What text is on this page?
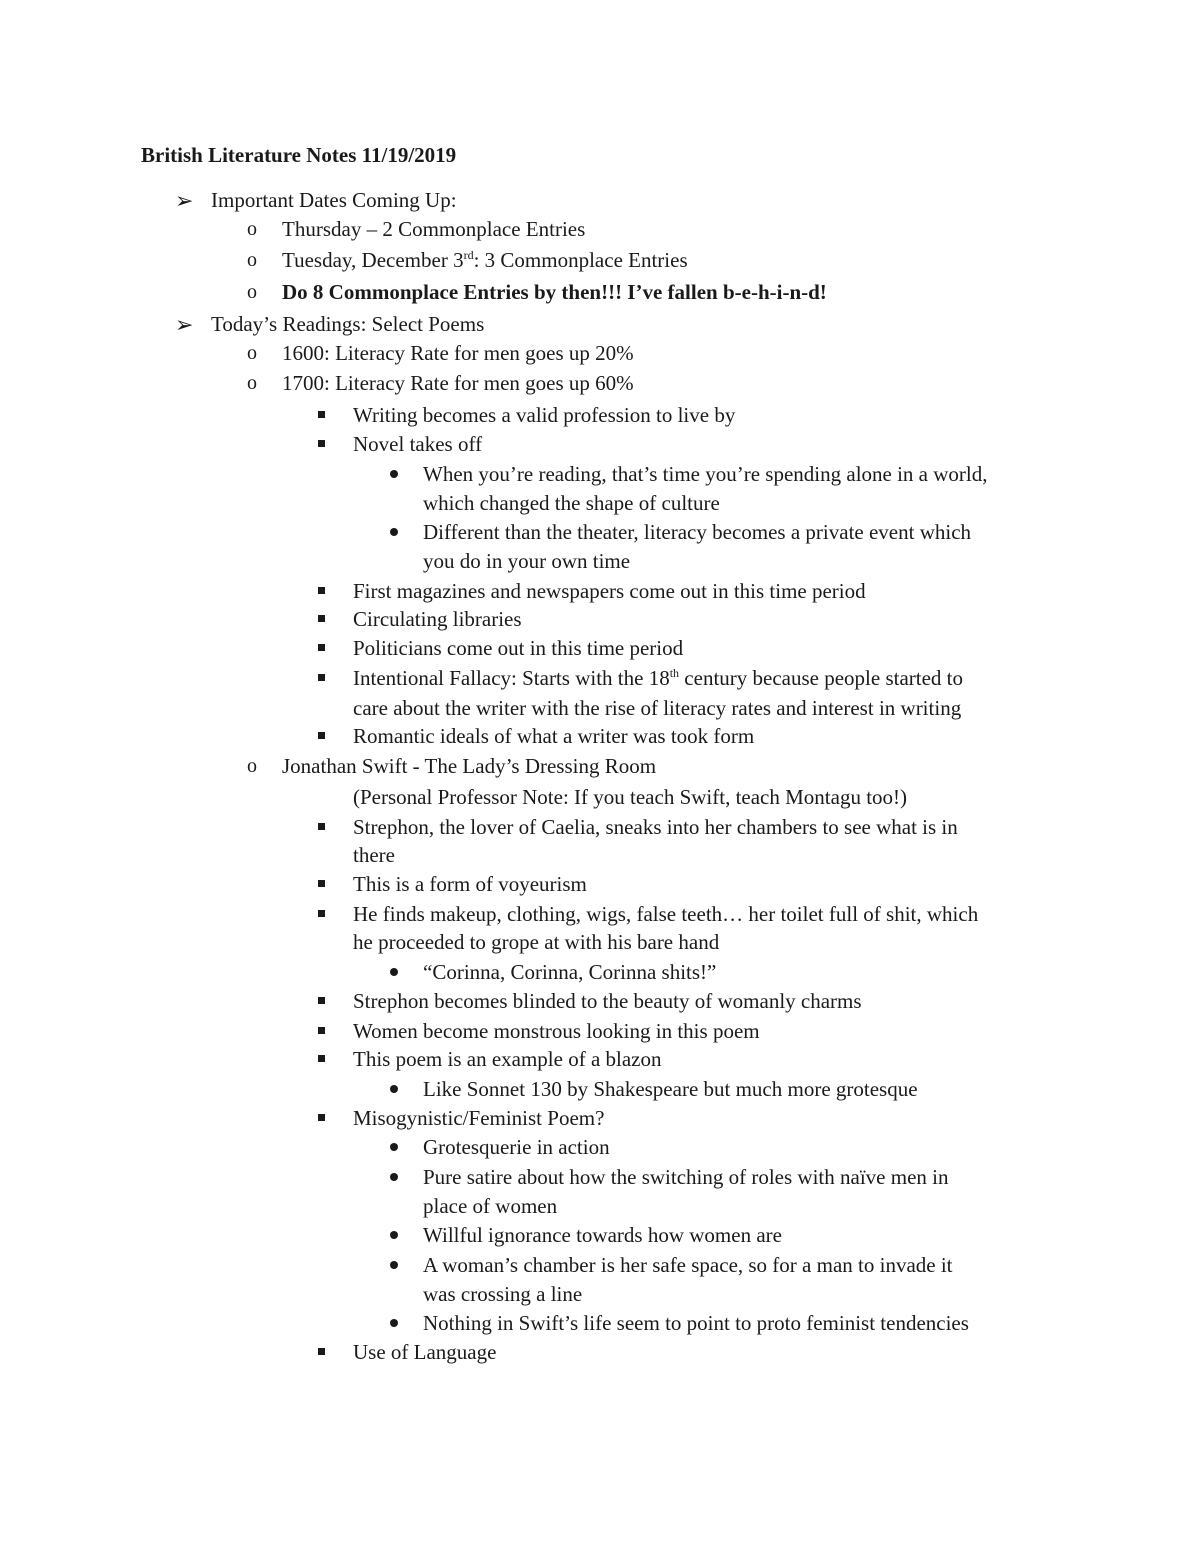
British Literature Notes 11/19/2019
➢ Important Dates Coming Up:
o Thursday – 2 Commonplace Entries
o Tuesday, December 3rd: 3 Commonplace Entries
o Do 8 Commonplace Entries by then!!! I’ve fallen b-e-h-i-n-d!
➢ Today’s Readings: Select Poems
o 1600: Literacy Rate for men goes up 20%
o 1700: Literacy Rate for men goes up 60%
Writing becomes a valid profession to live by
Novel takes off
When you’re reading, that’s time you’re spending alone in a world,
which changed the shape of culture
Different than the theater, literacy becomes a private event which
you do in your own time
First magazines and newspapers come out in this time period
Circulating libraries
Politicians come out in this time period
Intentional Fallacy: Starts with the 18th century because people started to
care about the writer with the rise of literacy rates and interest in writing
Romantic ideals of what a writer was took form
o Jonathan Swift - The Lady’s Dressing Room
(Personal Professor Note: If you teach Swift, teach Montagu too!)
Strephon, the lover of Caelia, sneaks into her chambers to see what is in
there
This is a form of voyeurism
He finds makeup, clothing, wigs, false teeth… her toilet full of shit, which
he proceeded to grope at with his bare hand
“Corinna, Corinna, Corinna shits!”
Strephon becomes blinded to the beauty of womanly charms
Women become monstrous looking in this poem
This poem is an example of a blazon
Like Sonnet 130 by Shakespeare but much more grotesque
Misogynistic/Feminist Poem?
Grotesquerie in action
Pure satire about how the switching of roles with naïve men in
place of women
Willful ignorance towards how women are
A woman’s chamber is her safe space, so for a man to invade it
was crossing a line
Nothing in Swift’s life seem to point to proto feminist tendencies
Use of Language
